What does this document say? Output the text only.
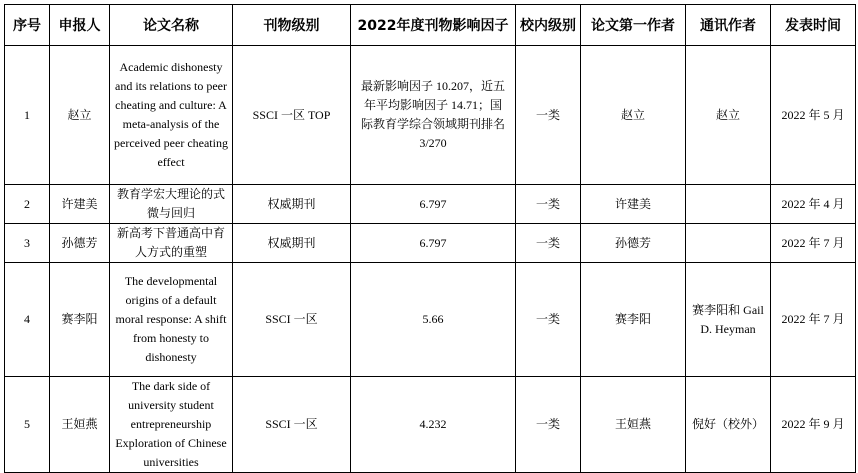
序号	申报人	论文名称	刊物级别	2022年度刊物影响因子	校内级别	论文第一作者	通讯作者	发表时间
1	赵立	Academic dishonesty and its relations to peer cheating and culture: A meta-analysis of the perceived peer cheating effect	SSCI 一区 TOP	最新影响因子 10.207，近五年平均影响因子 14.71；国际教育学综合领域期刊排名3/270	一类	赵立	赵立	2022 年 5 月
2	许建美	教育学宏大理论的式微与回归	权威期刊	6.797	一类	许建美		2022 年 4 月
3	孙德芳	新高考下普通高中育人方式的重塑	权威期刊	6.797	一类	孙德芳		2022 年 7 月
4	赛李阳	The developmental origins of a default moral response: A shift from honesty to dishonesty	SSCI 一区	5.66	一类	赛李阳	赛李阳和 Gail D. Heyman	2022 年 7 月
5	王姮燕	The dark side of university student entrepreneurship Exploration of Chinese universities	SSCI 一区	4.232	一类	王姮燕	倪好（校外）	2022 年 9 月
